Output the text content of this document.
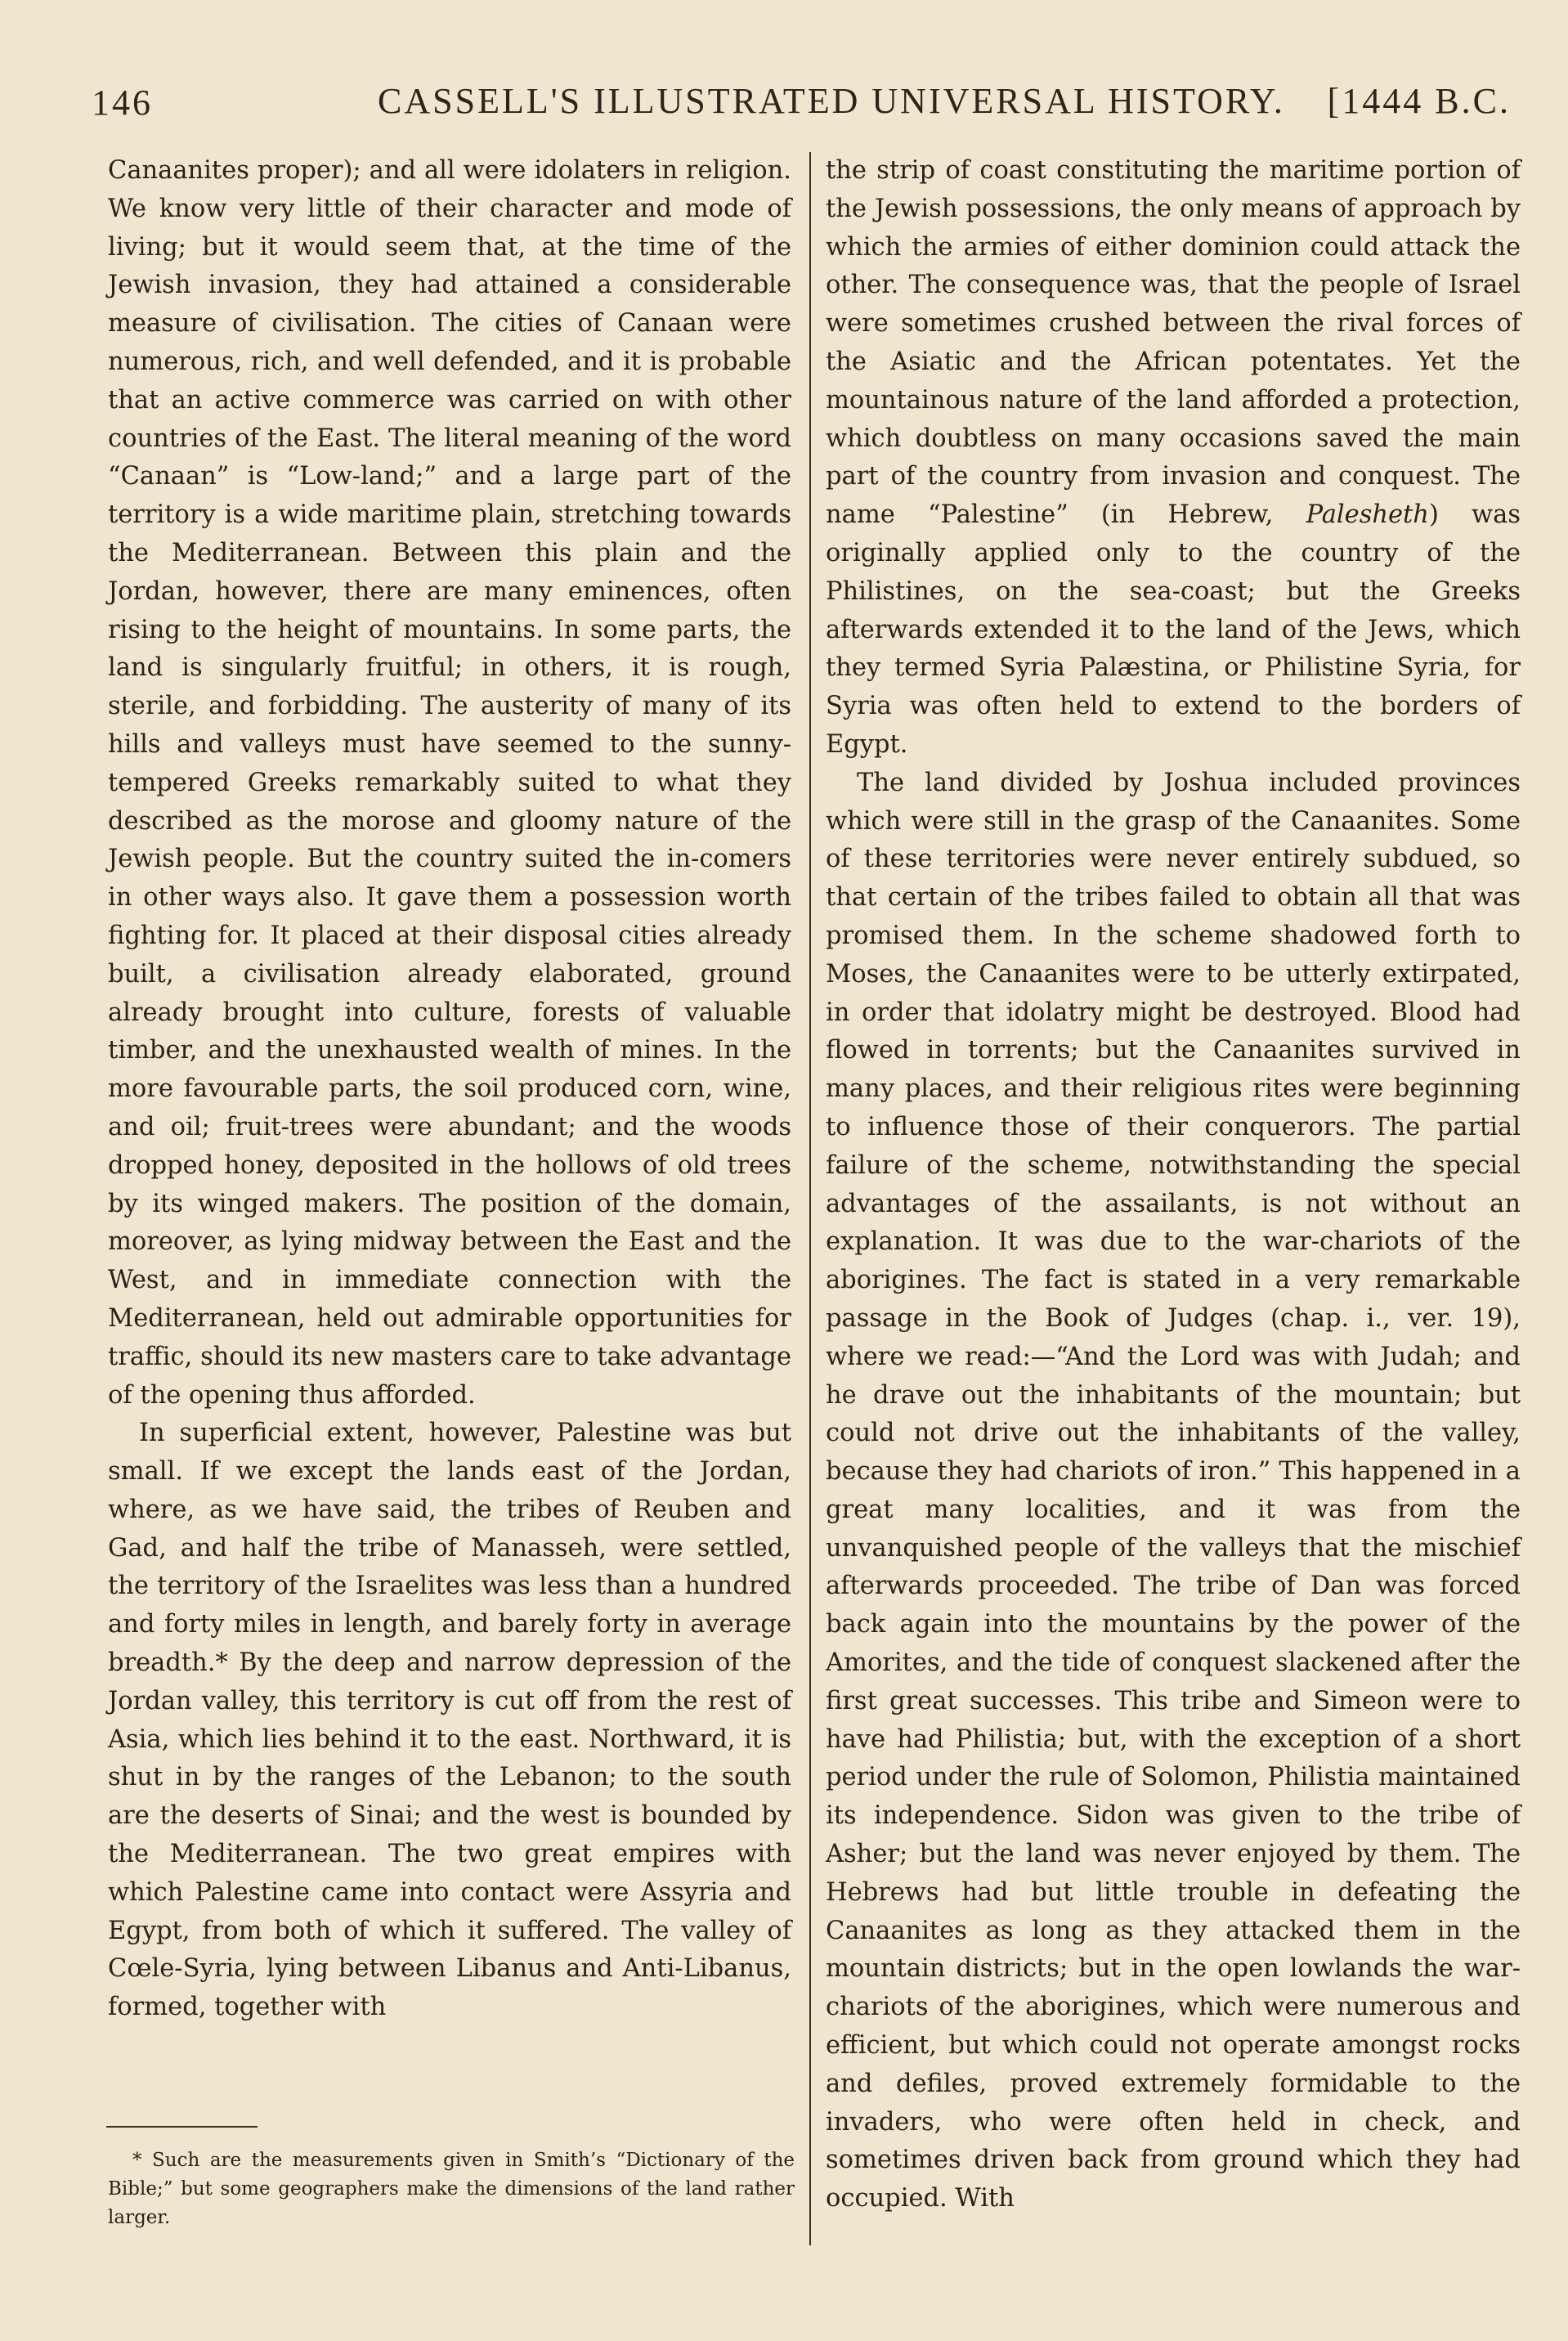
146	CASSELL'S ILLUSTRATED UNIVERSAL HISTORY. [1444 B.C.

Canaanites proper); and all were idolaters in religion. We know very little of their character and mode of living; but it would seem that, at the time of the Jewish invasion, they had attained a considerable measure of civilisation. The cities of Canaan were numerous, rich, and well defended, and it is probable that an active commerce was carried on with other countries of the East. The literal meaning of the word “Canaan” is “Low-land;” and a large part of the territory is a wide maritime plain, stretching towards the Mediterranean. Between this plain and the Jordan, however, there are many eminences, often rising to the height of mountains. In some parts, the land is singularly fruitful; in others, it is rough, sterile, and forbidding. The austerity of many of its hills and valleys must have seemed to the sunny-tempered Greeks remarkably suited to what they described as the morose and gloomy nature of the Jewish people. But the country suited the in-comers in other ways also. It gave them a possession worth fighting for. It placed at their disposal cities already built, a civilisation already elaborated, ground already brought into culture, forests of valuable timber, and the unexhausted wealth of mines. In the more favourable parts, the soil produced corn, wine, and oil; fruit-trees were abundant; and the woods dropped honey, deposited in the hollows of old trees by its winged makers. The position of the domain, moreover, as lying midway between the East and the West, and in immediate connection with the Mediterranean, held out admirable opportunities for traffic, should its new masters care to take advantage of the opening thus afforded.

In superficial extent, however, Palestine was but small. If we except the lands east of the Jordan, where, as we have said, the tribes of Reuben and Gad, and half the tribe of Manasseh, were settled, the territory of the Israelites was less than a hundred and forty miles in length, and barely forty in average breadth.* By the deep and narrow depression of the Jordan valley, this territory is cut off from the rest of Asia, which lies behind it to the east. Northward, it is shut in by the ranges of the Lebanon; to the south are the deserts of Sinai; and the west is bounded by the Mediterranean. The two great empires with which Palestine came into contact were Assyria and Egypt, from both of which it suffered. The valley of Cœle-Syria, lying between Libanus and Anti-Libanus, formed, together with

the strip of coast constituting the maritime portion of the Jewish possessions, the only means of approach by which the armies of either dominion could attack the other. The consequence was, that the people of Israel were sometimes crushed between the rival forces of the Asiatic and the African potentates. Yet the mountainous nature of the land afforded a protection, which doubtless on many occasions saved the main part of the country from invasion and conquest. The name “Palestine” (in Hebrew, Palesheth) was originally applied only to the country of the Philistines, on the sea-coast; but the Greeks afterwards extended it to the land of the Jews, which they termed Syria Palæstina, or Philistine Syria, for Syria was often held to extend to the borders of Egypt.

The land divided by Joshua included provinces which were still in the grasp of the Canaanites. Some of these territories were never entirely subdued, so that certain of the tribes failed to obtain all that was promised them. In the scheme shadowed forth to Moses, the Canaanites were to be utterly extirpated, in order that idolatry might be destroyed. Blood had flowed in torrents; but the Canaanites survived in many places, and their religious rites were beginning to influence those of their conquerors. The partial failure of the scheme, notwithstanding the special advantages of the assailants, is not without an explanation. It was due to the war-chariots of the aborigines. The fact is stated in a very remarkable passage in the Book of Judges (chap. i., ver. 19), where we read:—“And the Lord was with Judah; and he drave out the inhabitants of the mountain; but could not drive out the inhabitants of the valley, because they had chariots of iron.” This happened in a great many localities, and it was from the unvanquished people of the valleys that the mischief afterwards proceeded. The tribe of Dan was forced back again into the mountains by the power of the Amorites, and the tide of conquest slackened after the first great successes. This tribe and Simeon were to have had Philistia; but, with the exception of a short period under the rule of Solomon, Philistia maintained its independence. Sidon was given to the tribe of Asher; but the land was never enjoyed by them. The Hebrews had but little trouble in defeating the Canaanites as long as they attacked them in the mountain districts; but in the open lowlands the war-chariots of the aborigines, which were numerous and efficient, but which could not operate amongst rocks and defiles, proved extremely formidable to the invaders, who were often held in check, and sometimes driven back from ground which they had occupied. With

* Such are the measurements given in Smith’s “Dictionary of the Bible;” but some geographers make the dimensions of the land rather larger.
